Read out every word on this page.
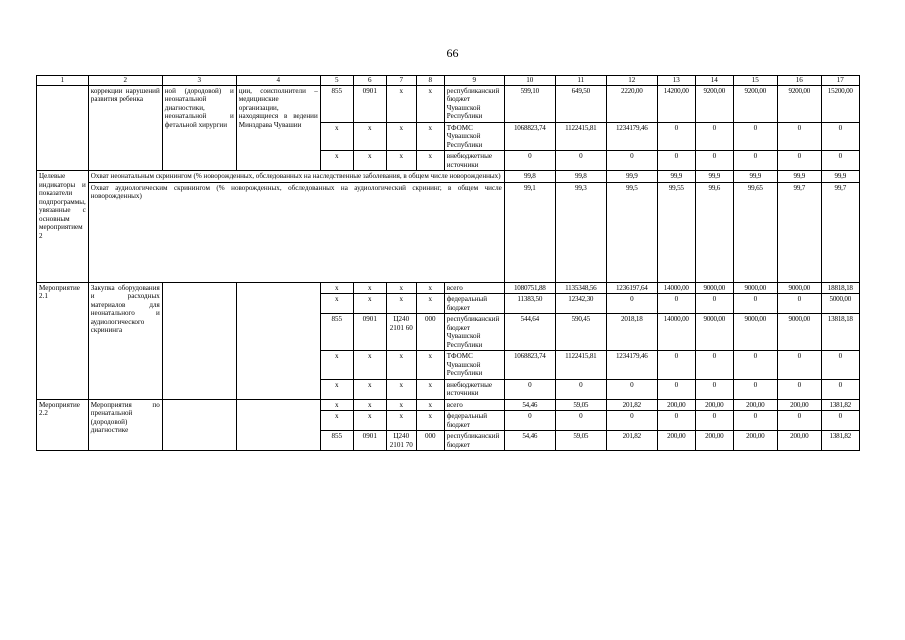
66
1	2	3	4	5	6	7	8	9	10	11	12	13	14	15	16	17
	коррекции нарушений развития ребенка	ной (дородовой) и неонатальной диагностики, неонатальной и фетальной хирургии	ции, соисполнители – медицинские организации, находящиеся в ведении Минздрава Чувашии	855	0901	x	x	республиканский бюджет Чувашской Республики	599,10	649,50	2220,00	14200,00	9200,00	9200,00	9200,00	15200,00
				x	x	x	x	ТФОМС Чувашской Республики	1068823,74	1122415,81	1234179,46	0	0	0	0	0
				x	x	x	x	внебюджетные источники	0	0	0	0	0	0	0	0
Целевые индикаторы и показатели подпрограммы, увязанные с основным мероприятием 2	Охват неонатальным скринингом (% новорожденных, обследованных на наследственные заболевания, в общем числе новорожденных)								99,8	99,8	99,9	99,9	99,9	99,9	99,9	99,9
	Охват аудиологическим скринингом (% новорожденных, обследованных на аудиологический скрининг, в общем числе новорожденных)								99,1	99,3	99,5	99,55	99,6	99,65	99,7	99,7
Мероприятие 2.1	Закупка оборудования и расходных материалов для неонатального и аудиологического скрининга			x	x	x	x	всего	1080751,88	1135348,56	1236197,64	14000,00	9000,00	9000,00	9000,00	18818,18
				x	x	x	x	федеральный бюджет	11383,50	12342,30	0	0	0	0	0	5000,00
				855	0901	Ц240 2101 60	000	республиканский бюджет Чувашской Республики	544,64	590,45	2018,18	14000,00	9000,00	9000,00	9000,00	13818,18
				x	x	x	x	ТФОМС Чувашской Республики	1068823,74	1122415,81	1234179,46	0	0	0	0	0
				x	x	x	x	внебюджетные источники	0	0	0	0	0	0	0	0
Мероприятие 2.2	Мероприятия по пренатальной (дородовой) диагностике			x	x	x	x	всего	54,46	59,05	201,82	200,00	200,00	200,00	200,00	1381,82
				x	x	x	x	федеральный бюджет	0	0	0	0	0	0	0	0
				855	0901	Ц240 2101 70	000	республиканский бюджет	54,46	59,05	201,82	200,00	200,00	200,00	200,00	1381,82
